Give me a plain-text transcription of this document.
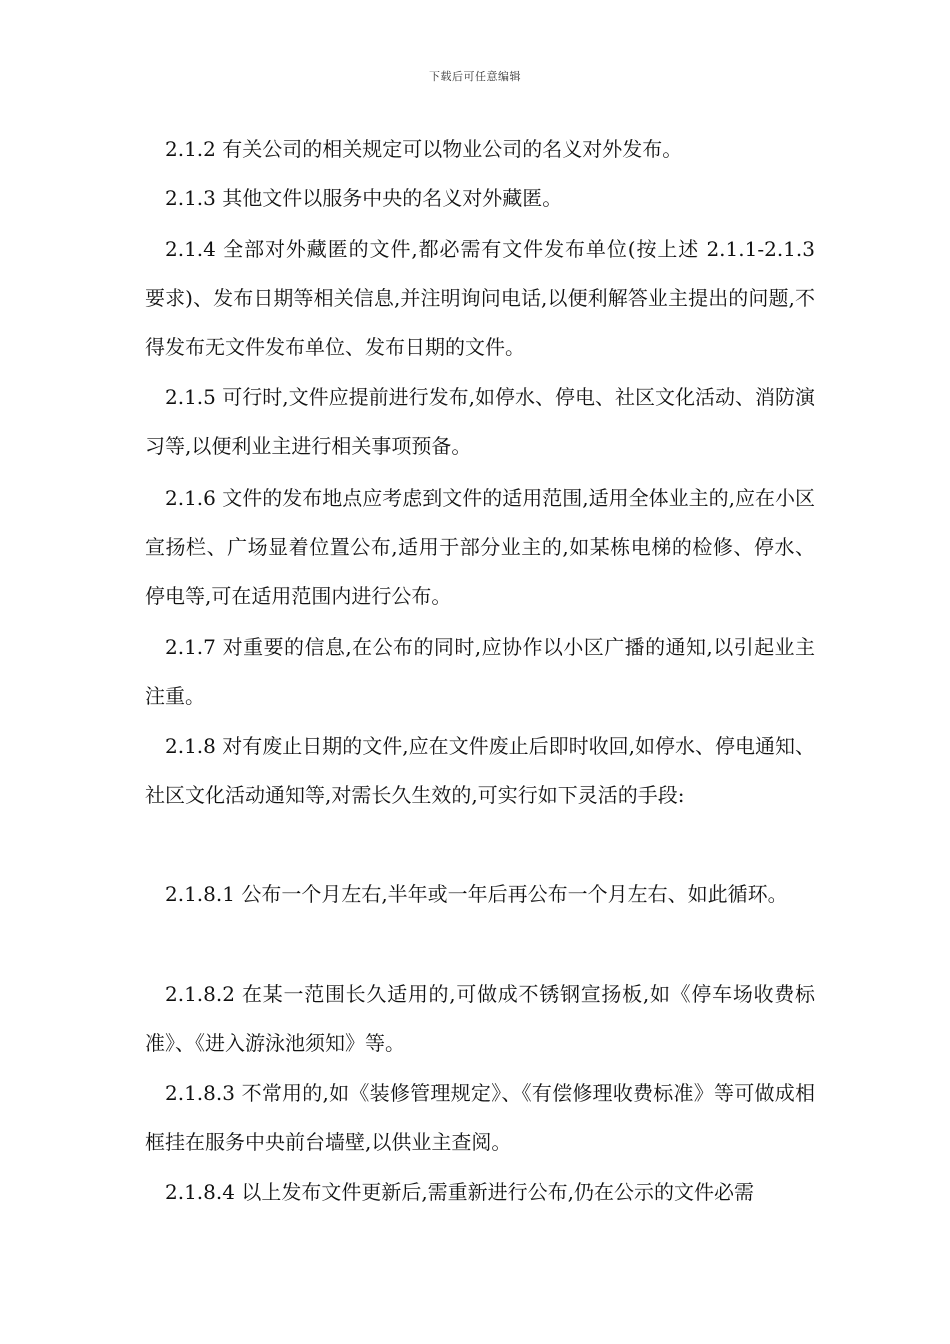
下载后可任意编辑

2.1.2 有关公司的相关规定可以物业公司的名义对外发布。

2.1.3 其他文件以服务中央的名义对外藏匿。

2.1.4 全部对外藏匿的文件,都必需有文件发布单位(按上述 2.1.1-2.1.3 要求)、发布日期等相关信息,并注明询问电话,以便利解答业主提出的问题,不得发布无文件发布单位、发布日期的文件。

2.1.5 可行时,文件应提前进行发布,如停水、停电、社区文化活动、消防演习等,以便利业主进行相关事项预备。

2.1.6 文件的发布地点应考虑到文件的适用范围,适用全体业主的,应在小区宣扬栏、广场显着位置公布,适用于部分业主的,如某栋电梯的检修、停水、停电等,可在适用范围内进行公布。

2.1.7 对重要的信息,在公布的同时,应协作以小区广播的通知,以引起业主注重。

2.1.8 对有废止日期的文件,应在文件废止后即时收回,如停水、停电通知、社区文化活动通知等,对需长久生效的,可实行如下灵活的手段:

2.1.8.1 公布一个月左右,半年或一年后再公布一个月左右、如此循环。

2.1.8.2 在某一范围长久适用的,可做成不锈钢宣扬板,如《停车场收费标准》、《进入游泳池须知》等。

2.1.8.3 不常用的,如《装修管理规定》、《有偿修理收费标准》等可做成相框挂在服务中央前台墙壁,以供业主查阅。

2.1.8.4 以上发布文件更新后,需重新进行公布,仍在公示的文件必需
